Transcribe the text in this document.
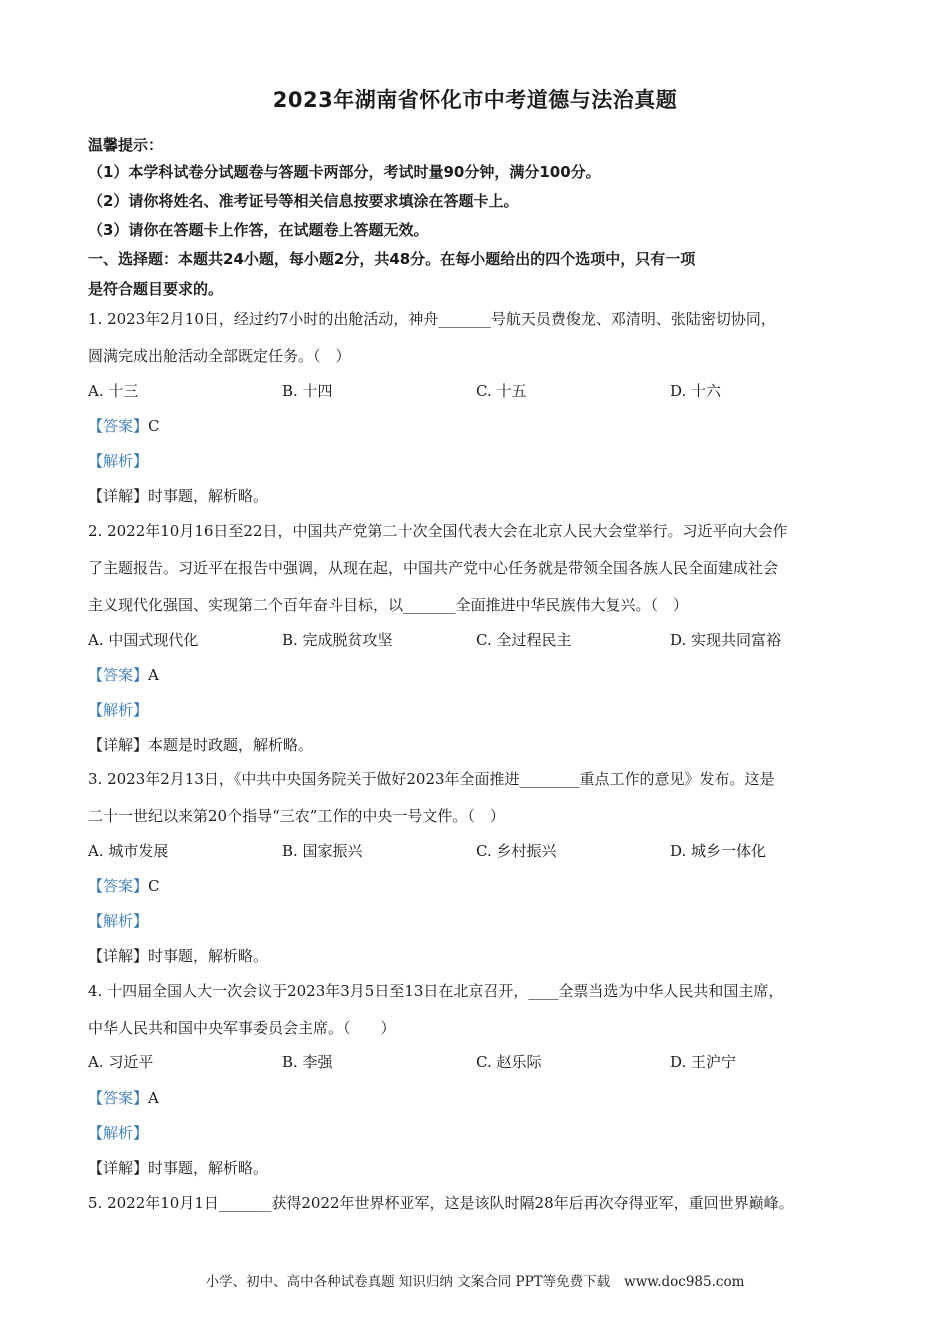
2023年湖南省怀化市中考道德与法治真题
温馨提示：
（1）本学科试卷分试题卷与答题卡两部分，考试时量90分钟，满分100分。
（2）请你将姓名、准考证号等相关信息按要求填涂在答题卡上。
（3）请你在答题卡上作答，在试题卷上答题无效。
一、选择题：本题共24小题，每小题2分，共48分。在每小题给出的四个选项中，只有一项
是符合题目要求的。
1. 2023年2月10日，经过约7小时的出舱活动，神舟_______号航天员费俊龙、邓清明、张陆密切协同，
圆满完成出舱活动全部既定任务。（　）
A. 十三	B. 十四	C. 十五	D. 十六
【答案】C
【解析】
【详解】时事题，解析略。
2. 2022年10月16日至22日，中国共产党第二十次全国代表大会在北京人民大会堂举行。习近平向大会作
了主题报告。习近平在报告中强调，从现在起，中国共产党中心任务就是带领全国各族人民全面建成社会
主义现代化强国、实现第二个百年奋斗目标，以_______全面推进中华民族伟大复兴。（　）
A. 中国式现代化	B. 完成脱贫攻坚	C. 全过程民主	D. 实现共同富裕
【答案】A
【解析】
【详解】本题是时政题，解析略。
3. 2023年2月13日，《中共中央国务院关于做好2023年全面推进________重点工作的意见》发布。这是
二十一世纪以来第20个指导“三农”工作的中央一号文件。（　）
A. 城市发展	B. 国家振兴	C. 乡村振兴	D. 城乡一体化
【答案】C
【解析】
【详解】时事题，解析略。
4. 十四届全国人大一次会议于2023年3月5日至13日在北京召开，____全票当选为中华人民共和国主席，
中华人民共和国中央军事委员会主席。（　　）
A. 习近平	B. 李强	C. 赵乐际	D. 王沪宁
【答案】A
【解析】
【详解】时事题，解析略。
5. 2022年10月1日_______获得2022年世界杯亚军，这是该队时隔28年后再次夺得亚军，重回世界巅峰。
小学、初中、高中各种试卷真题 知识归纳 文案合同 PPT等免费下载 www.doc985.com
